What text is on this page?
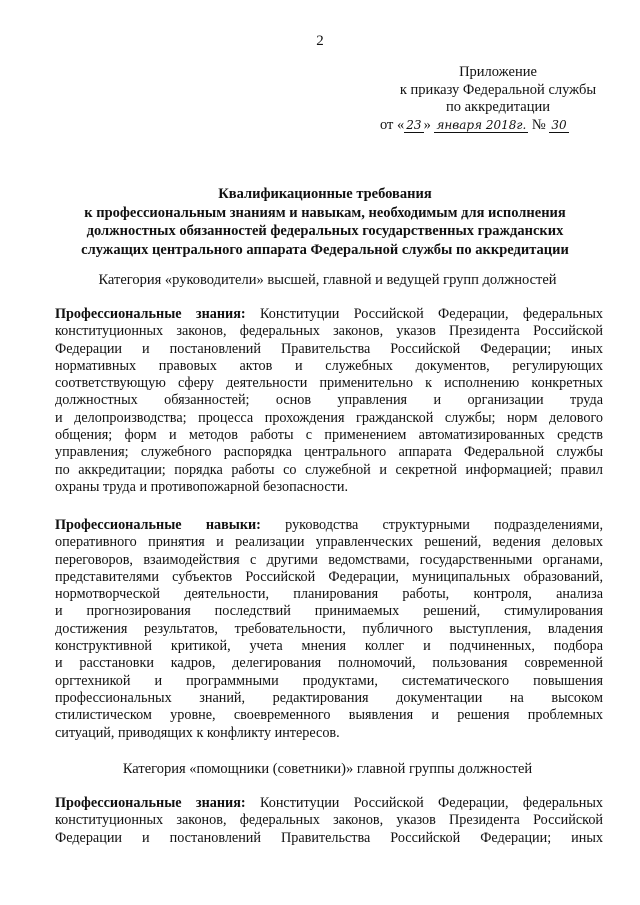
2
Приложение
к приказу Федеральной службы
по аккредитации
от « 23 » января 2018г. № 30
Квалификационные требования
к профессиональным знаниям и навыкам, необходимым для исполнения
должностных обязанностей федеральных государственных гражданских
служащих центрального аппарата Федеральной службы по аккредитации
Категория «руководители» высшей, главной и ведущей групп должностей
Профессиональные знания: Конституции Российской Федерации, федеральных
конституционных законов, федеральных законов, указов Президента Российской
Федерации и постановлений Правительства Российской Федерации; иных
нормативных правовых актов и служебных документов, регулирующих
соответствующую сферу деятельности применительно к исполнению конкретных
должностных обязанностей; основ управления и организации труда
и делопроизводства; процесса прохождения гражданской службы; норм делового
общения; форм и методов работы с применением автоматизированных средств
управления; служебного распорядка центрального аппарата Федеральной службы
по аккредитации; порядка работы со служебной и секретной информацией; правил
охраны труда и противопожарной безопасности.
Профессиональные навыки: руководства структурными подразделениями,
оперативного принятия и реализации управленческих решений, ведения деловых
переговоров, взаимодействия с другими ведомствами, государственными органами,
представителями субъектов Российской Федерации, муниципальных образований,
нормотворческой деятельности, планирования работы, контроля, анализа
и прогнозирования последствий принимаемых решений, стимулирования
достижения результатов, требовательности, публичного выступления, владения
конструктивной критикой, учета мнения коллег и подчиненных, подбора
и расстановки кадров, делегирования полномочий, пользования современной
оргтехникой и программными продуктами, систематического повышения
профессиональных знаний, редактирования документации на высоком
стилистическом уровне, своевременного выявления и решения проблемных
ситуаций, приводящих к конфликту интересов.
Категория «помощники (советники)» главной группы должностей
Профессиональные знания: Конституции Российской Федерации, федеральных
конституционных законов, федеральных законов, указов Президента Российской
Федерации и постановлений Правительства Российской Федерации; иных
